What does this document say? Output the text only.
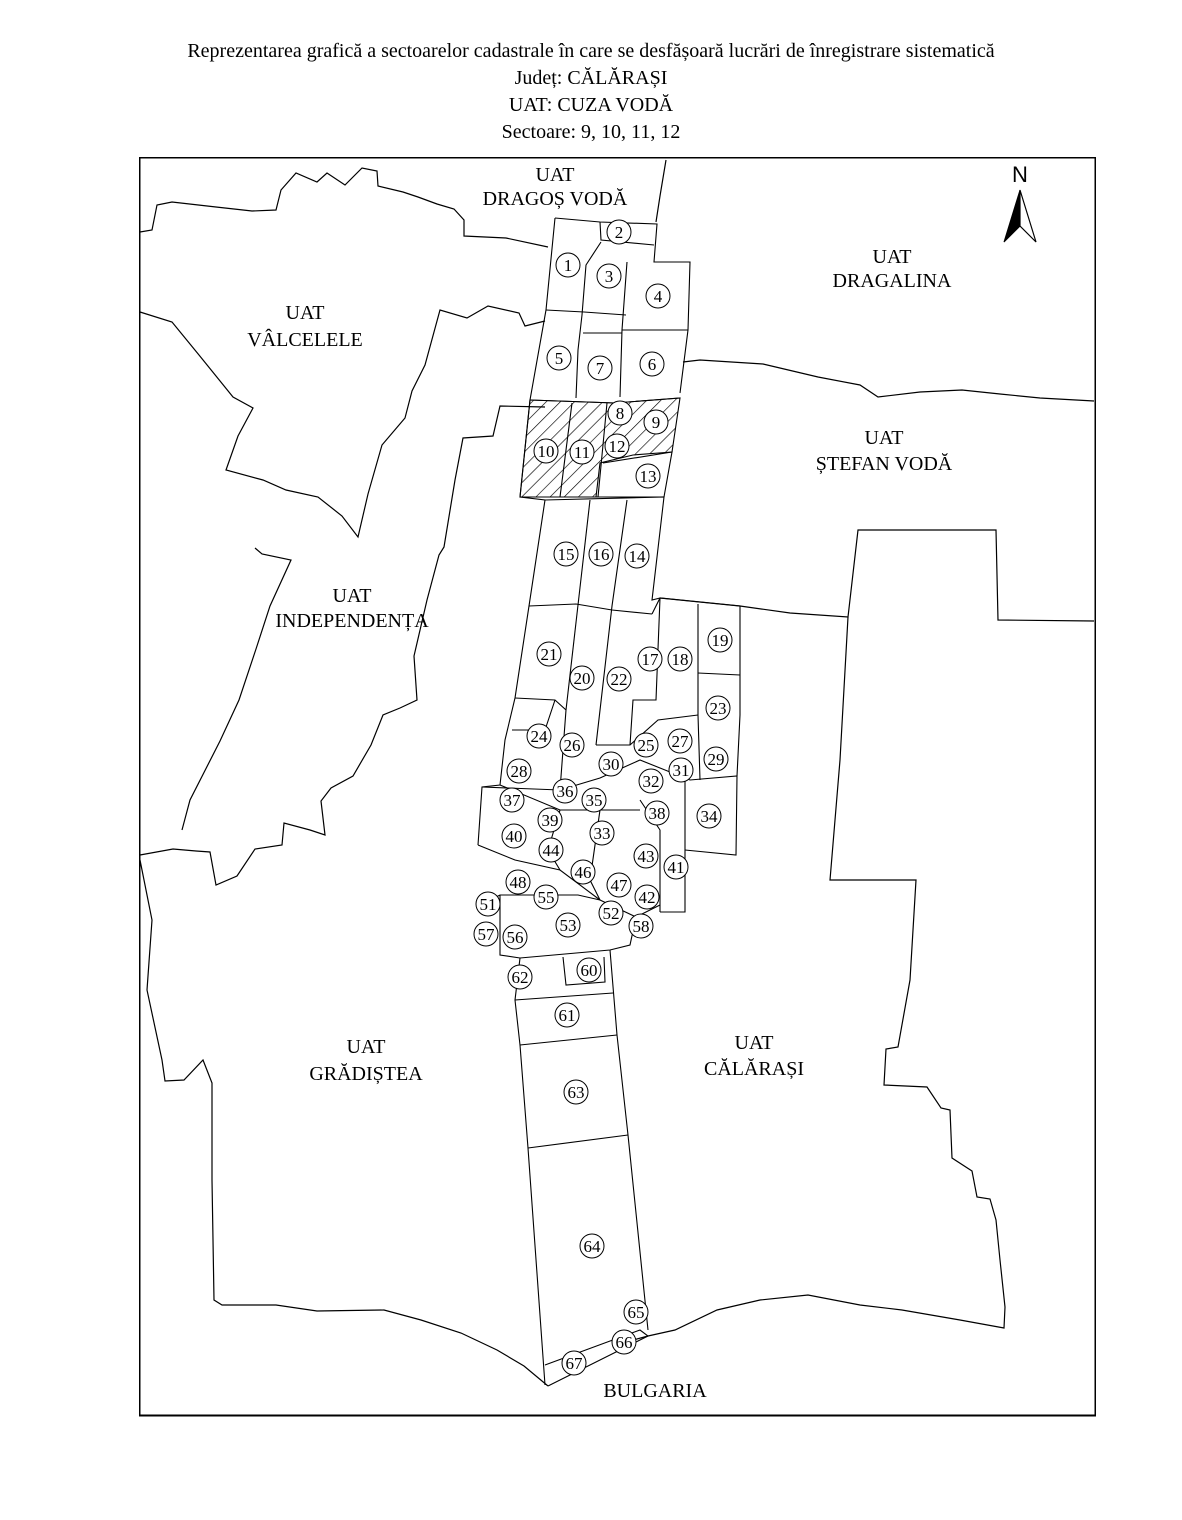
Reprezentarea grafică a sectoarelor cadastrale în care se desfășoară lucrări de înregistrare sistematică

Județ: CĂLĂRAȘI

UAT: CUZA VODĂ

Sectoare: 9, 10, 11, 12

1
2
3
4
5	6
7
8 9
10 11 12
13
14
15 16
17 18
19
20
21
22
23
24	25
26	27
28
29
30	31
32
33
34
35
36
37
38
39
40
41
42
43
44
46
47
48
51	52
53
55
56
57	58
60
61
62
63
64
65
66
67
UAT
DRAGOȘ VODĂ
UAT
DRAGALINA
UAT
VÂLCELELE
UAT
ȘTEFAN VODĂ
UAT
INDEPENDENȚA
UAT
GRĂDIȘTEA
UAT
CĂLĂRAȘI
BULGARIA
N
